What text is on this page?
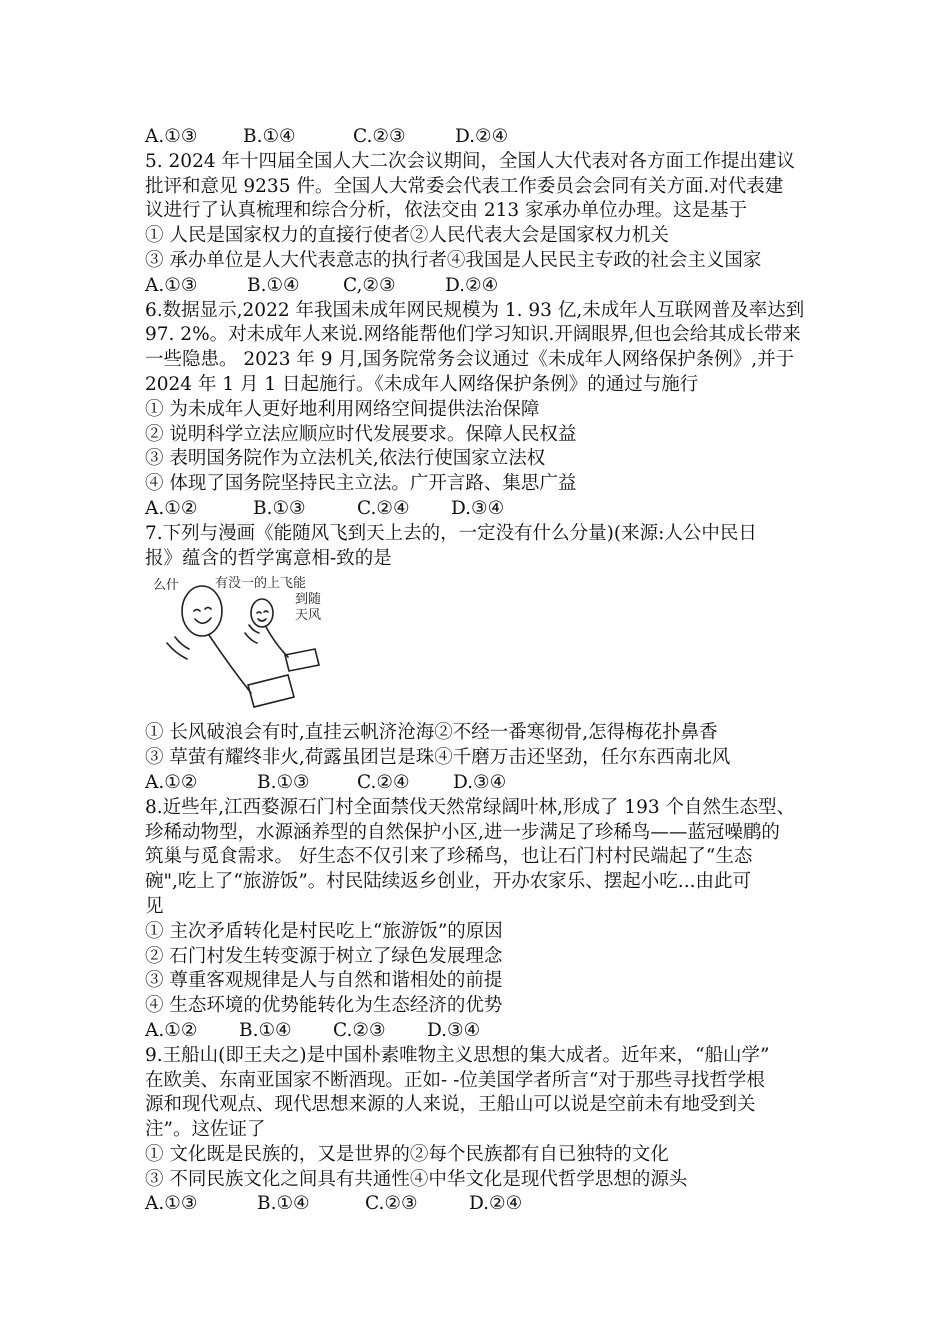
A.①③ B.①④	C.②③	D.②④
5. 2024 年十四届全国人大二次会议期间，全国人大代表对各方面工作提出建议
批评和意见 9235 件。全国人大常委会代表工作委员会会同有关方面.对代表建
议进行了认真梳理和综合分析，依法交由 213 家承办单位办理。这是基于
① 人民是国家权力的直接行使者②人民代表大会是国家权力机关
③ 承办单位是人大代表意志的执行者④我国是人民民主专政的社会主义国家
A.①③	B.①④ C,②③	D.②④
6.数据显示,2022 年我国未成年网民规模为 1. 93 亿,未成年人互联网普及率达到
97. 2%。对未成年人来说.网络能帮他们学习知识.开阔眼界,但也会给其成长带来
一些隐患。 2023 年 9 月,国务院常务会议通过《未成年人网络保护条例》,并于
2024 年 1 月 1 日起施行。《未成年人网络保护条例》的通过与施行
① 为未成年人更好地利用网络空间提供法治保障
② 说明科学立法应顺应时代发展要求。保障人民权益
③ 表明国务院作为立法机关,依法行使国家立法权
④ 体现了国务院坚持民主立法。广开言路、集思广益
A.①②	B.①③	C.②④ D.③④
7.下列与漫画《能随风飞到天上去的，一定没有什么分量)(来源:人公中民日
报》蕴含的哲学寓意相-致的是
么什	有没一的上飞能
到随
天风
① 长风破浪会有时,直挂云帆济沧海②不经一番寒彻骨,怎得梅花扑鼻香
③ 草萤有耀终非火,荷露虽团岂是珠④千磨万击还坚劲，任尔东西南北风
A.①②	B.①③	C.②④ D.③④
8.近些年,江西婺源石门村全面禁伐天然常绿阔叶林,形成了 193 个自然生态型、
珍稀动物型，水源涵养型的自然保护小区,进一步满足了珍稀鸟——蓝冠噪鹛的
筑巢与觅食需求。 好生态不仅引来了珍稀鸟，也让石门村村民端起了“生态
碗",吃上了“旅游饭”。村民陆续返乡创业，开办农家乐、摆起小吃...由此可
见
① 主次矛盾转化是村民吃上“旅游饭”的原因
② 石门村发生转变源于树立了绿色发展理念
③ 尊重客观规律是人与自然和谐相处的前提
④ 生态环境的优势能转化为生态经济的优势
A.①② B.①④ C.②③ D.③④
9.王船山(即王夫之)是中国朴素唯物主义思想的集大成者。近年来，“船山学”
在欧美、东南亚国家不断酒现。正如- -位美国学者所言“对于那些寻找哲学根
源和现代观点、现代思想来源的人来说，王船山可以说是空前未有地受到关
注”。这佐证了
① 文化既是民族的，又是世界的②每个民族都有自已独特的文化
③ 不同民族文化之间具有共通性④中华文化是现代哲学思想的源头
A.①③	B.①④	C.②③	D.②④
